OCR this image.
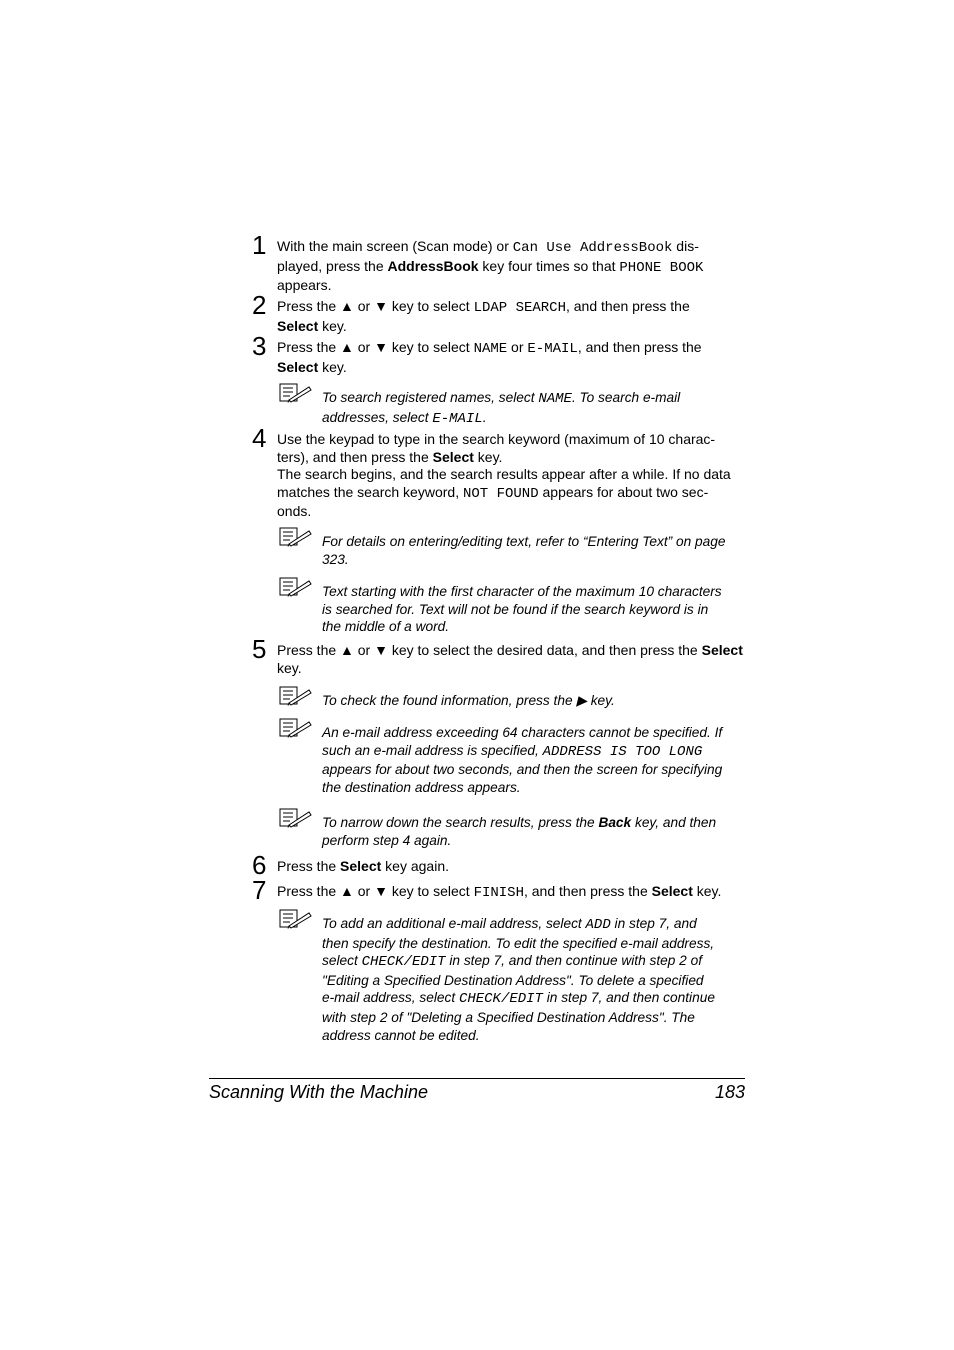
1 With the main screen (Scan mode) or Can Use AddressBook dis-
played, press the AddressBook key four times so that PHONE BOOK
appears.
2 Press the ▲ or ▼ key to select LDAP SEARCH, and then press the
Select key.
3 Press the ▲ or ▼ key to select NAME or E-MAIL, and then press the
Select key.
To search registered names, select NAME. To search e-mail
addresses, select E-MAIL.
4 Use the keypad to type in the search keyword (maximum of 10 charac-
ters), and then press the Select key.
The search begins, and the search results appear after a while. If no data
matches the search keyword, NOT FOUND appears for about two sec-
onds.
For details on entering/editing text, refer to “Entering Text” on page
323.
Text starting with the first character of the maximum 10 characters
is searched for. Text will not be found if the search keyword is in
the middle of a word.
5 Press the ▲ or ▼ key to select the desired data, and then press the Select
key.
To check the found information, press the ▶ key.
An e-mail address exceeding 64 characters cannot be specified. If
such an e-mail address is specified, ADDRESS IS TOO LONG
appears for about two seconds, and then the screen for specifying
the destination address appears.
To narrow down the search results, press the Back key, and then
perform step 4 again.
6 Press the Select key again.
7 Press the ▲ or ▼ key to select FINISH, and then press the Select key.
To add an additional e-mail address, select ADD in step 7, and
then specify the destination. To edit the specified e-mail address,
select CHECK/EDIT in step 7, and then continue with step 2 of
"Editing a Specified Destination Address". To delete a specified
e-mail address, select CHECK/EDIT in step 7, and then continue
with step 2 of "Deleting a Specified Destination Address". The
address cannot be edited.
Scanning With the Machine	183
